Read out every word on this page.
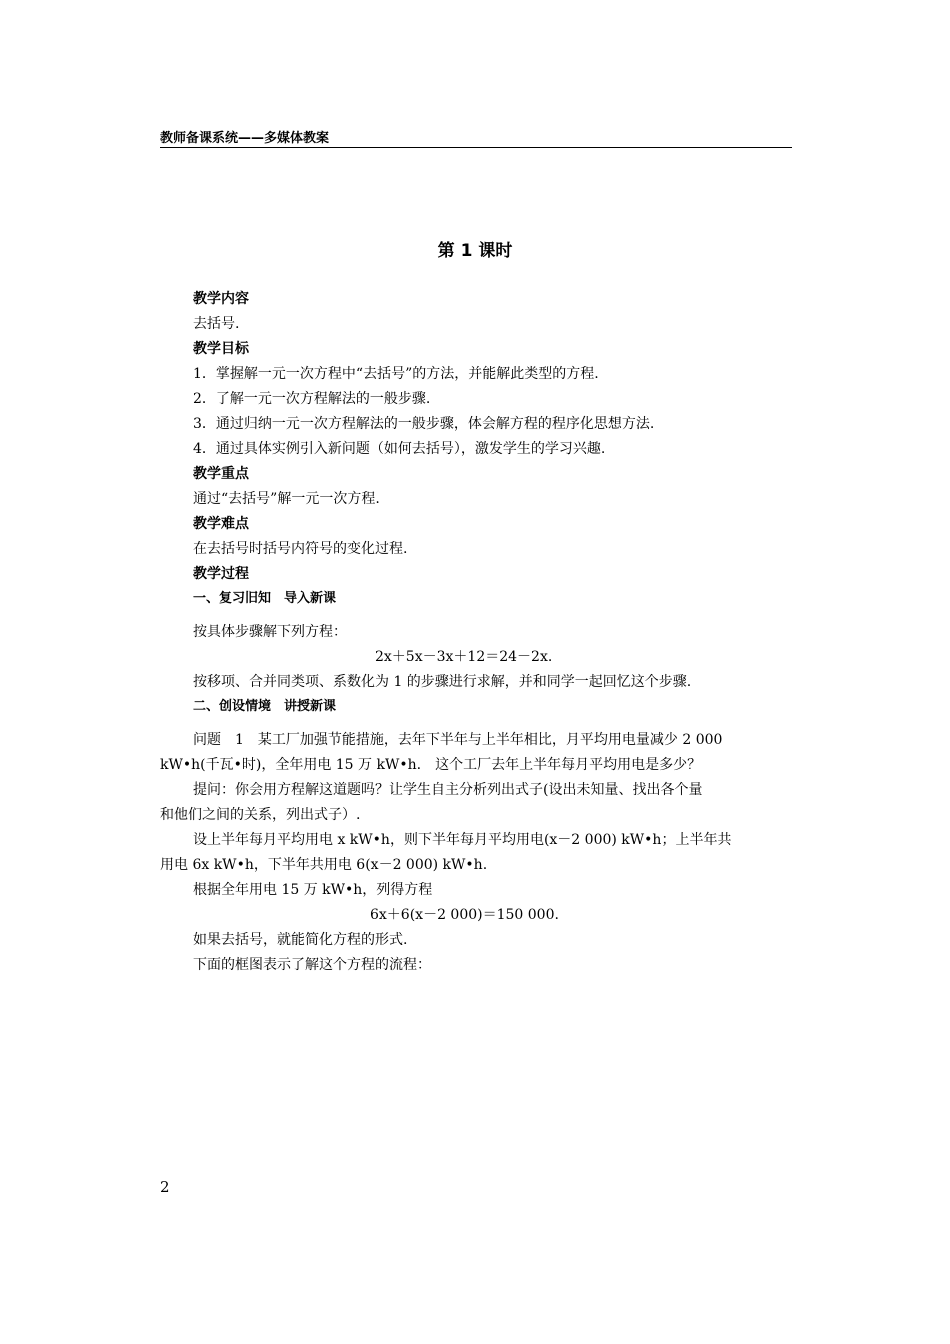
教师备课系统——多媒体教案
第 1 课时
教学内容
去括号.
教学目标
1．掌握解一元一次方程中“去括号”的方法，并能解此类型的方程.
2．了解一元一次方程解法的一般步骤.
3．通过归纳一元一次方程解法的一般步骤，体会解方程的程序化思想方法.
4．通过具体实例引入新问题（如何去括号），激发学生的学习兴趣.
教学重点
通过“去括号”解一元一次方程.
教学难点
在去括号时括号内符号的变化过程.
教学过程
一、复习旧知　导入新课
按具体步骤解下列方程：
2x＋5x－3x＋12＝24－2x.
按移项、合并同类项、系数化为 1 的步骤进行求解，并和同学一起回忆这个步骤.
二、创设情境　讲授新课
问题　1　某工厂加强节能措施，去年下半年与上半年相比，月平均用电量减少 2 000
kW•h(千瓦•时)，全年用电 15 万 kW•h.　这个工厂去年上半年每月平均用电是多少？
提问：你会用方程解这道题吗？让学生自主分析列出式子(设出未知量、找出各个量
和他们之间的关系，列出式子）.
设上半年每月平均用电 x kW•h，则下半年每月平均用电(x－2 000) kW•h；上半年共
用电 6x kW•h，下半年共用电 6(x－2 000) kW•h.
根据全年用电 15 万 kW•h，列得方程
6x＋6(x－2 000)＝150 000.
如果去括号，就能简化方程的形式.
下面的框图表示了解这个方程的流程：
2
